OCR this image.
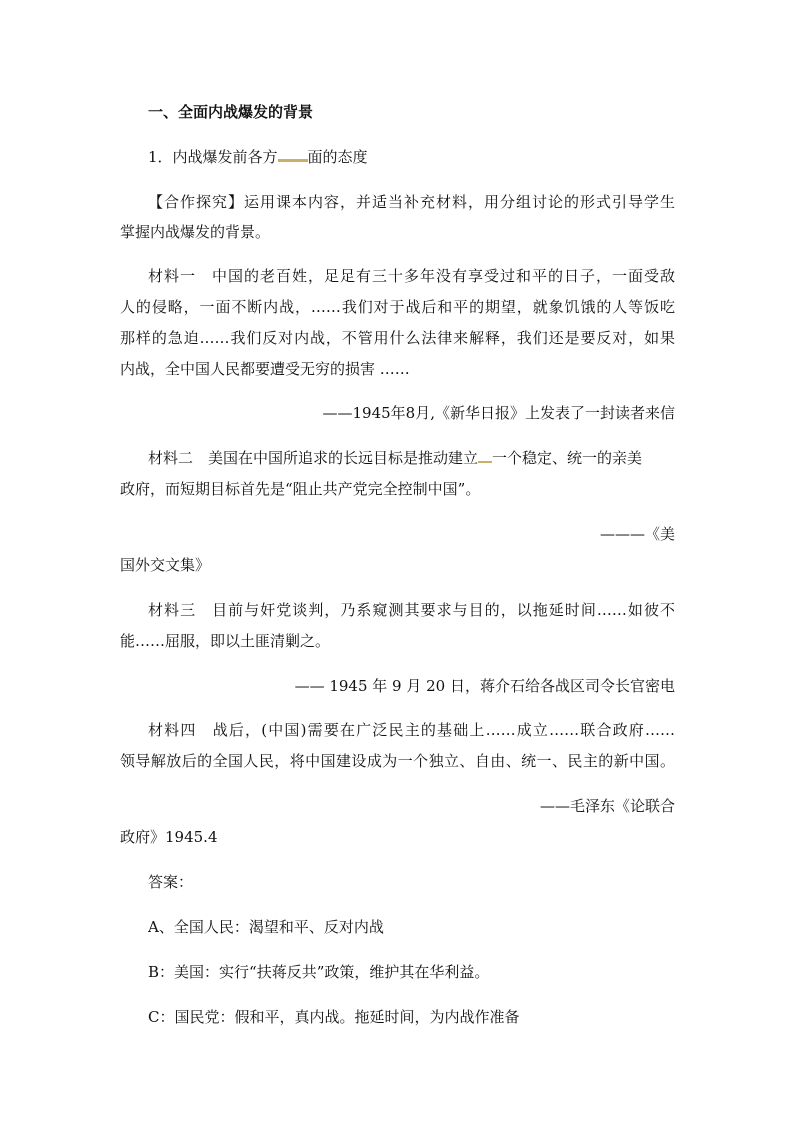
一、全面内战爆发的背景

1．内战爆发前各方 面的态度

【合作探究】运用课本内容，并适当补充材料，用分组讨论的形式引导学生

掌握内战爆发的背景。

材料一　中国的老百姓，足足有三十多年没有享受过和平的日子，一面受敌

人的侵略，一面不断内战，……我们对于战后和平的期望，就象饥饿的人等饭吃

那样的急迫……我们反对内战，不管用什么法律来解释，我们还是要反对，如果

内战，全中国人民都要遭受无穷的损害 ……

——1945年8月,《新华日报》上发表了一封读者来信

材料二　美国在中国所追求的长远目标是推动建立 一个稳定、统一的亲美

政府，而短期目标首先是“阻止共产党完全控制中国”。

———《美

国外交文集》

材料三　目前与奸党谈判，乃系窥测其要求与目的，以拖延时间……如彼不

能……屈服，即以土匪清剿之。

—— 1945 年 9 月 20 日，蒋介石给各战区司令长官密电

材料四　战后，(中国)需要在广泛民主的基础上……成立……联合政府……

领导解放后的全国人民，将中国建设成为一个独立、自由、统一、民主的新中国。

——毛泽东《论联合

政府》1945.4

答案：

A、全国人民：渴望和平、反对内战

B：美国：实行“扶蒋反共”政策，维护其在华利益。

C：国民党：假和平，真内战。拖延时间，为内战作准备
